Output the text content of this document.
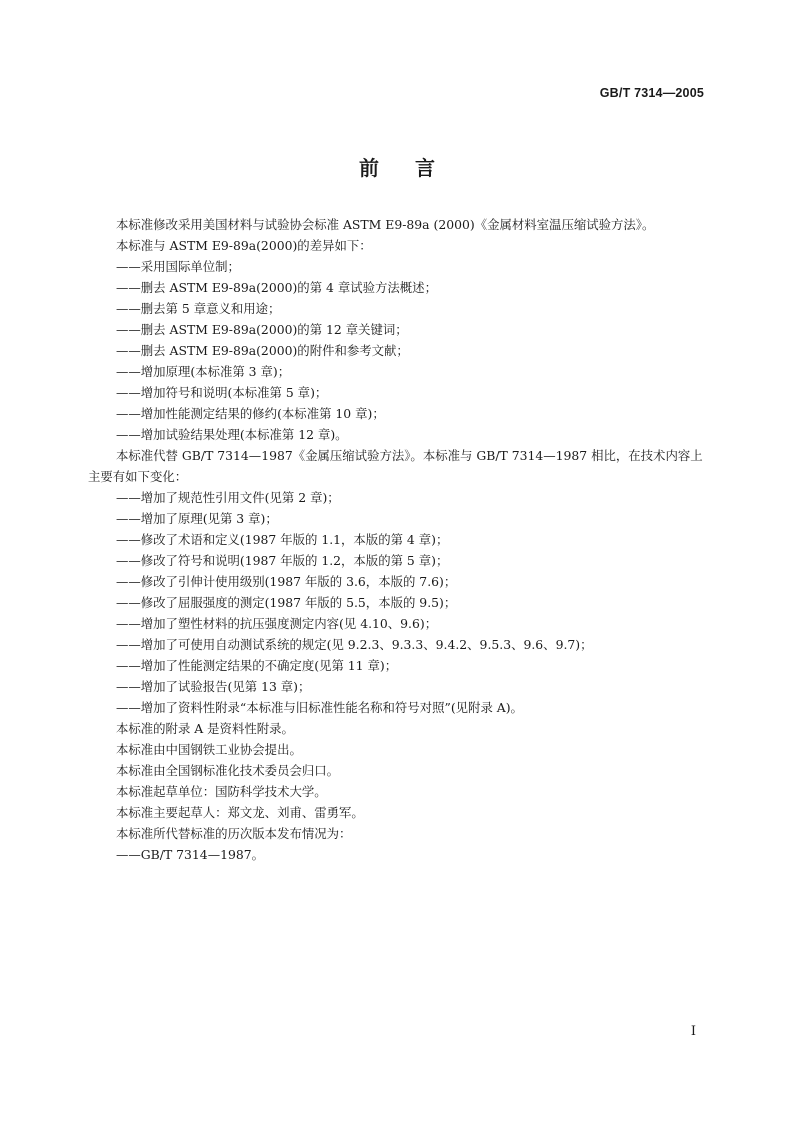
GB/T 7314—2005
前言

本标准修改采用美国材料与试验协会标准 ASTM E9-89a (2000)《金属材料室温压缩试验方法》。

本标准与 ASTM E9-89a(2000)的差异如下：

——采用国际单位制；

——删去 ASTM E9-89a(2000)的第 4 章试验方法概述；

——删去第 5 章意义和用途；

——删去 ASTM E9-89a(2000)的第 12 章关键词；

——删去 ASTM E9-89a(2000)的附件和参考文献；

——增加原理(本标准第 3 章)；

——增加符号和说明(本标准第 5 章)；

——增加性能测定结果的修约(本标准第 10 章)；

——增加试验结果处理(本标准第 12 章)。

本标准代替 GB/T 7314—1987《金属压缩试验方法》。本标准与 GB/T 7314—1987 相比，在技术内容上主要有如下变化：

——增加了规范性引用文件(见第 2 章)；

——增加了原理(见第 3 章)；

——修改了术语和定义(1987 年版的 1.1，本版的第 4 章)；

——修改了符号和说明(1987 年版的 1.2，本版的第 5 章)；

——修改了引伸计使用级别(1987 年版的 3.6，本版的 7.6)；

——修改了屈服强度的测定(1987 年版的 5.5，本版的 9.5)；

——增加了塑性材料的抗压强度测定内容(见 4.10、9.6)；

——增加了可使用自动测试系统的规定(见 9.2.3、9.3.3、9.4.2、9.5.3、9.6、9.7)；

——增加了性能测定结果的不确定度(见第 11 章)；

——增加了试验报告(见第 13 章)；

——增加了资料性附录“本标准与旧标准性能名称和符号对照”(见附录 A)。

本标准的附录 A 是资料性附录。

本标准由中国钢铁工业协会提出。

本标准由全国钢标准化技术委员会归口。

本标准起草单位：国防科学技术大学。

本标准主要起草人：郑文龙、刘甫、雷勇军。

本标准所代替标准的历次版本发布情况为：

——GB/T 7314—1987。

I
